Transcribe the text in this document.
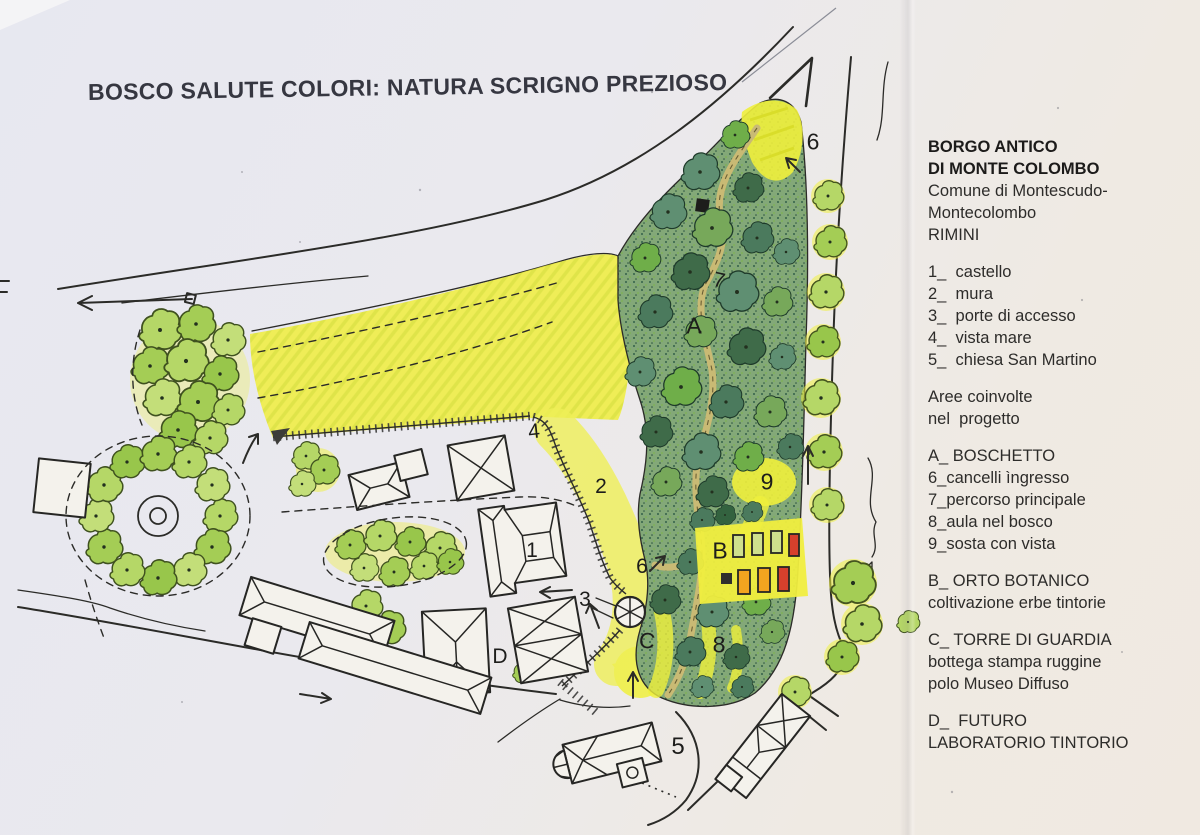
BOSCO SALUTE COLORI: NATURA SCRIGNO PREZIOSO
1
2
3
4
5
6
6
7
8
9
A
B
C
D
BORGO ANTICO
DI MONTE COLOMBO
Comune di Montescudo-
Montecolombo
RIMINI
1_  castello
2_  mura
3_  porte di accesso
4_  vista mare
5_  chiesa San Martino
Aree coinvolte
nel  progetto
A_ BOSCHETTO
6_cancelli ìngresso
7_percorso principale
8_aula nel bosco
9_sosta con vista
B_ ORTO BOTANICO
coltivazione erbe tintorie
C_ TORRE DI GUARDIA
bottega stampa ruggine
polo Museo Diffuso
D_  FUTURO
LABORATORIO TINTORIO
